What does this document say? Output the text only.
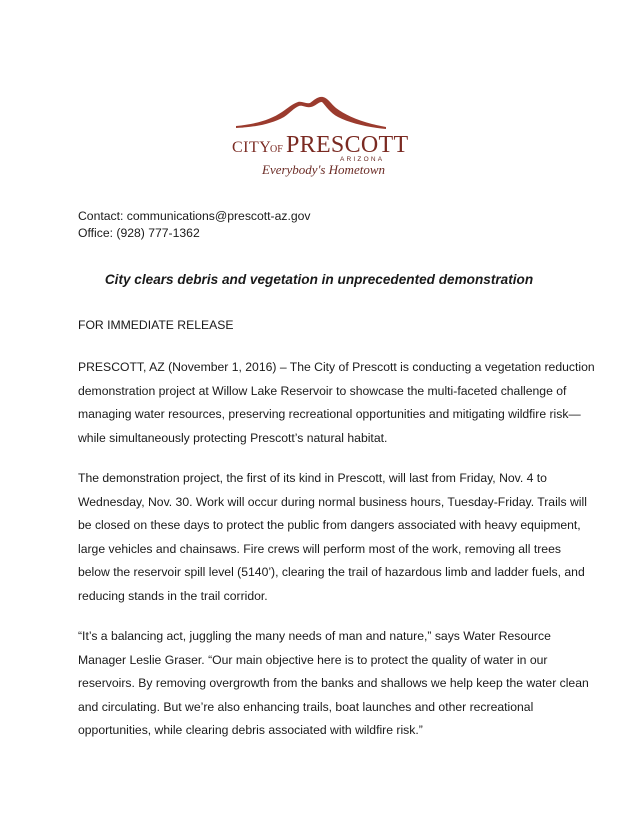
CITY
OF PRESCOTT
ARIZONA
Everybody's Hometown
Contact: communications@prescott-az.gov
Office: (928) 777-1362
City clears debris and vegetation in unprecedented demonstration
FOR IMMEDIATE RELEASE
PRESCOTT, AZ (November 1, 2016) – The City of Prescott is conducting a vegetation reduction
demonstration project at Willow Lake Reservoir to showcase the multi-faceted challenge of
managing water resources, preserving recreational opportunities and mitigating wildfire risk—
while simultaneously protecting Prescott’s natural habitat.
The demonstration project, the first of its kind in Prescott, will last from Friday, Nov. 4 to
Wednesday, Nov. 30. Work will occur during normal business hours, Tuesday-Friday. Trails will
be closed on these days to protect the public from dangers associated with heavy equipment,
large vehicles and chainsaws. Fire crews will perform most of the work, removing all trees
below the reservoir spill level (5140’), clearing the trail of hazardous limb and ladder fuels, and
reducing stands in the trail corridor.
“It’s a balancing act, juggling the many needs of man and nature,” says Water Resource
Manager Leslie Graser. “Our main objective here is to protect the quality of water in our
reservoirs. By removing overgrowth from the banks and shallows we help keep the water clean
and circulating. But we’re also enhancing trails, boat launches and other recreational
opportunities, while clearing debris associated with wildfire risk.”
